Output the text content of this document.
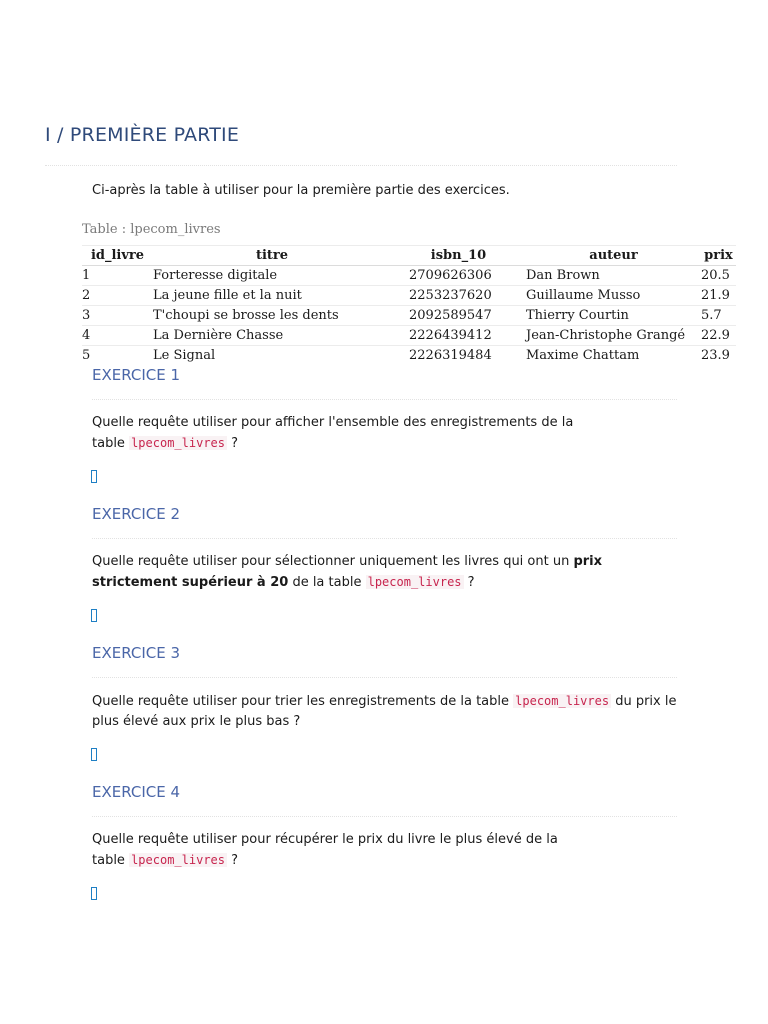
I / PREMIÈRE PARTIE

Ci-après la table à utiliser pour la première partie des exercices.

Table : lpecom_livres
id_livre	titre	isbn_10	auteur	prix
1	Forteresse digitale	2709626306	Dan Brown	20.5
2	La jeune fille et la nuit	2253237620	Guillaume Musso	21.9
3	T'choupi se brosse les dents	2092589547	Thierry Courtin	5.7
4	La Dernière Chasse	2226439412	Jean-Christophe Grangé	22.9
5	Le Signal	2226319484	Maxime Chattam	23.9
EXERCICE 1

Quelle requête utiliser pour afficher l'ensemble des enregistrements de la
table lpecom_livres ?

EXERCICE 2

Quelle requête utiliser pour sélectionner uniquement les livres qui ont un prix strictement supérieur à 20 de la table lpecom_livres ?

EXERCICE 3

Quelle requête utiliser pour trier les enregistrements de la table lpecom_livres du prix le plus élevé aux prix le plus bas ?

EXERCICE 4

Quelle requête utiliser pour récupérer le prix du livre le plus élevé de la
table lpecom_livres ?
